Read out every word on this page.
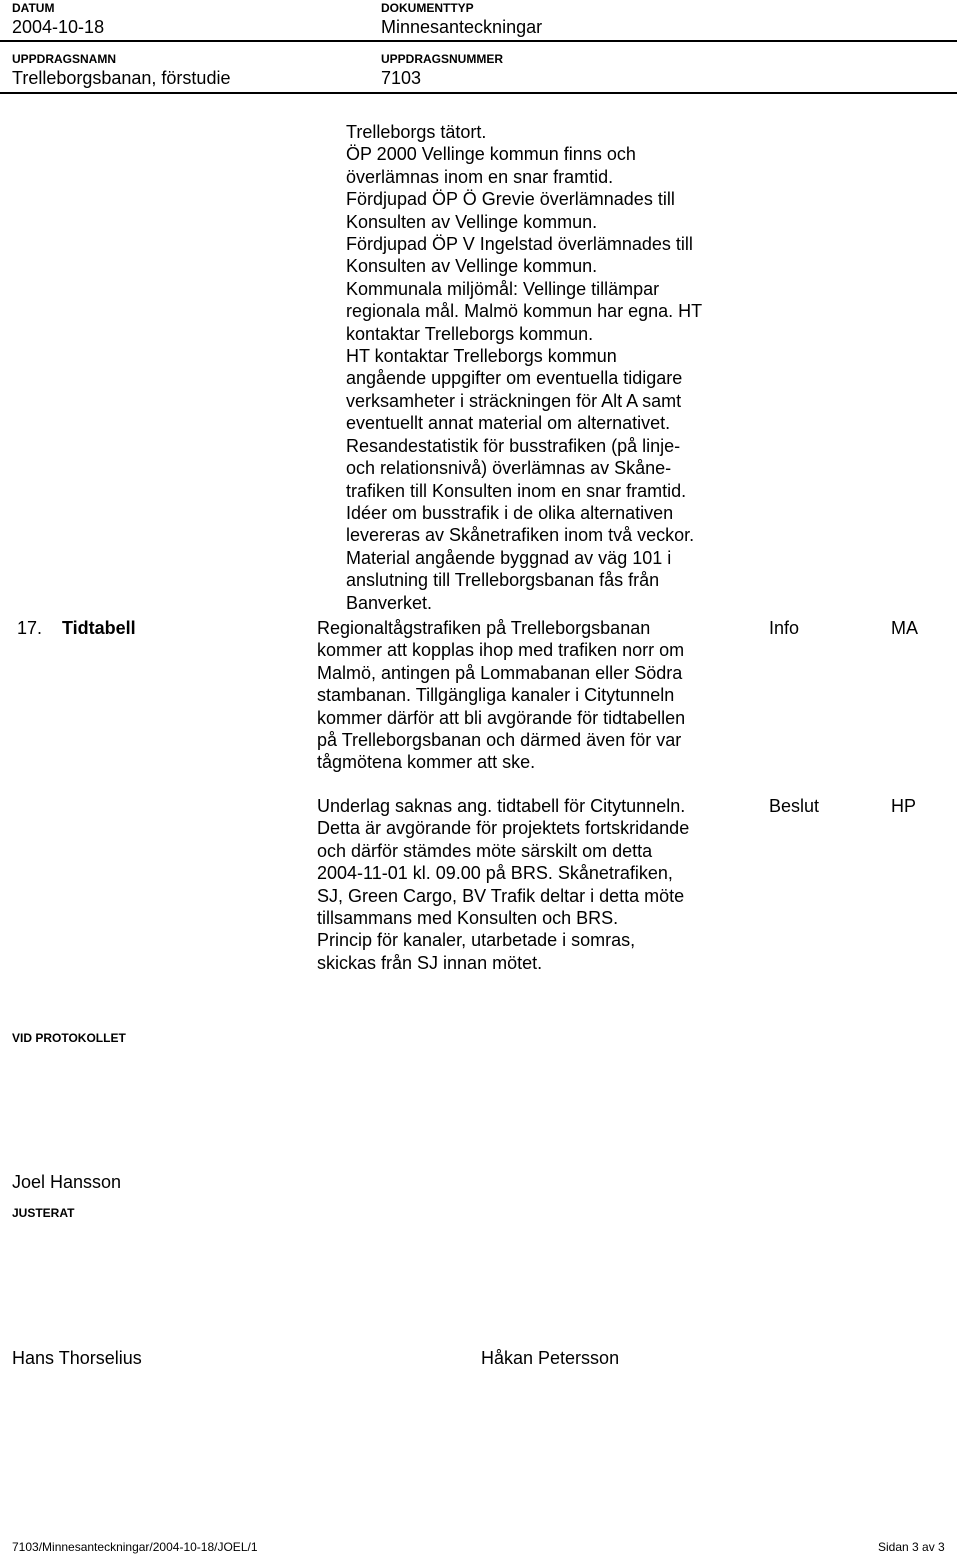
DATUM
2004-10-18
DOKUMENTTYP
Minnesanteckningar
UPPDRAGSNAMN
Trelleborgsbanan, förstudie
UPPDRAGSNUMMER
7103
Trelleborgs tätort.
ÖP 2000 Vellinge kommun finns och
överlämnas inom en snar framtid.
Fördjupad ÖP Ö Grevie överlämnades till
Konsulten av Vellinge kommun.
Fördjupad ÖP V Ingelstad överlämnades till
Konsulten av Vellinge kommun.
Kommunala miljömål: Vellinge tillämpar
regionala mål. Malmö kommun har egna. HT
kontaktar Trelleborgs kommun.
HT kontaktar Trelleborgs kommun
angående uppgifter om eventuella tidigare
verksamheter i sträckningen för Alt A samt
eventuellt annat material om alternativet.
Resandestatistik för busstrafiken (på linje-
och relationsnivå) överlämnas av Skåne-
trafiken till Konsulten inom en snar framtid.
Idéer om busstrafik i de olika alternativen
levereras av Skånetrafiken inom två veckor.
Material angående byggnad av väg 101 i
anslutning till Trelleborgsbanan fås från
Banverket.
17. Tidtabell	Regionaltågstrafiken på Trelleborgsbanan
kommer att kopplas ihop med trafiken norr om
Malmö, antingen på Lommabanan eller Södra
stambanan. Tillgängliga kanaler i Citytunneln
kommer därför att bli avgörande för tidtabellen
på Trelleborgsbanan och därmed även för var
tågmötena kommer att ske.
Info	MA
Underlag saknas ang. tidtabell för Citytunneln.
Detta är avgörande för projektets fortskridande
och därför stämdes möte särskilt om detta
2004-11-01 kl. 09.00 på BRS. Skånetrafiken,
SJ, Green Cargo, BV Trafik deltar i detta möte
tillsammans med Konsulten och BRS.
Princip för kanaler, utarbetade i somras,
skickas från SJ innan mötet.
Beslut	HP
VID PROTOKOLLET
Joel Hansson
JUSTERAT
Hans Thorselius	Håkan Petersson
7103/Minnesanteckningar/2004-10-18/JOEL/1	Sidan 3 av 3
